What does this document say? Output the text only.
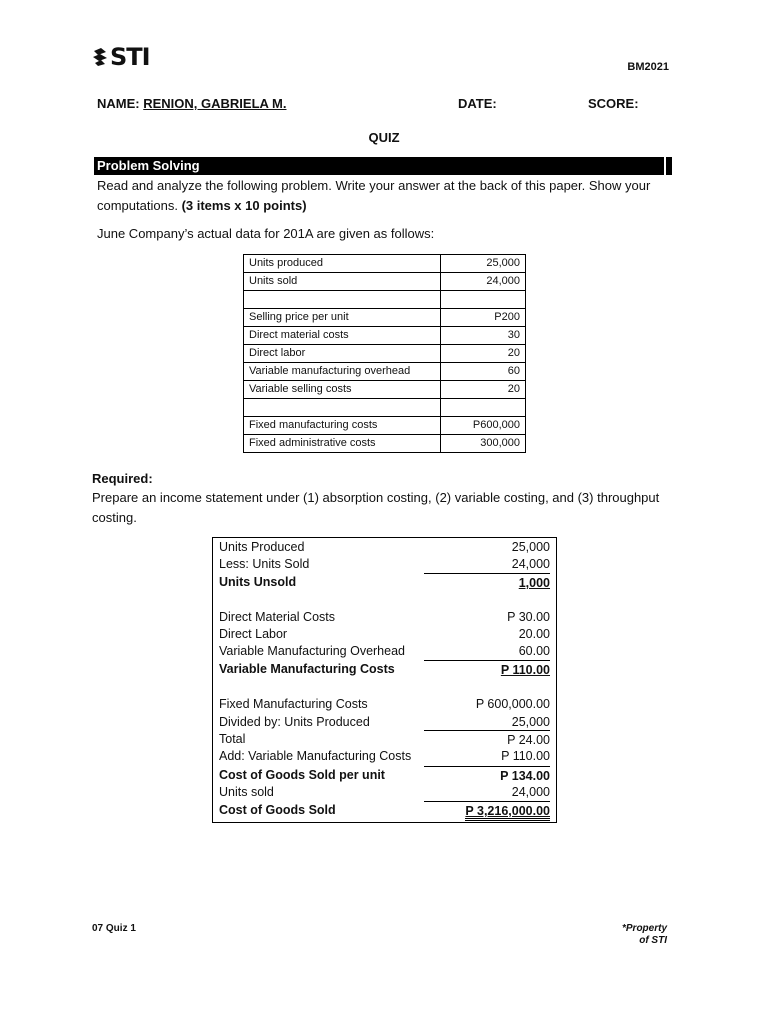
STI	BM2021
NAME: RENION, GABRIELA M.	DATE:	SCORE:
QUIZ
Problem Solving
Read and analyze the following problem. Write your answer at the back of this paper. Show your computations. (3 items x 10 points)
June Company’s actual data for 201A are given as follows:
Units produced	25,000
Units sold	24,000

Selling price per unit	P200
Direct material costs	30
Direct labor	20
Variable manufacturing overhead	60
Variable selling costs	20

Fixed manufacturing costs	P600,000
Fixed administrative costs	300,000
Required:
Prepare an income statement under (1) absorption costing, (2) variable costing, and (3) throughput costing.
Units Produced	25,000
Less: Units Sold	24,000
Units Unsold	1,000
Direct Material Costs	P 30.00
Direct Labor	20.00
Variable Manufacturing Overhead	60.00
Variable Manufacturing Costs	P 110.00
Fixed Manufacturing Costs	P 600,000.00
Divided by: Units Produced	25,000
Total	P 24.00
Add: Variable Manufacturing Costs	P 110.00
Cost of Goods Sold per unit	P 134.00
Units sold	24,000
Cost of Goods Sold	P 3,216,000.00
07 Quiz 1	*Property
of STI
